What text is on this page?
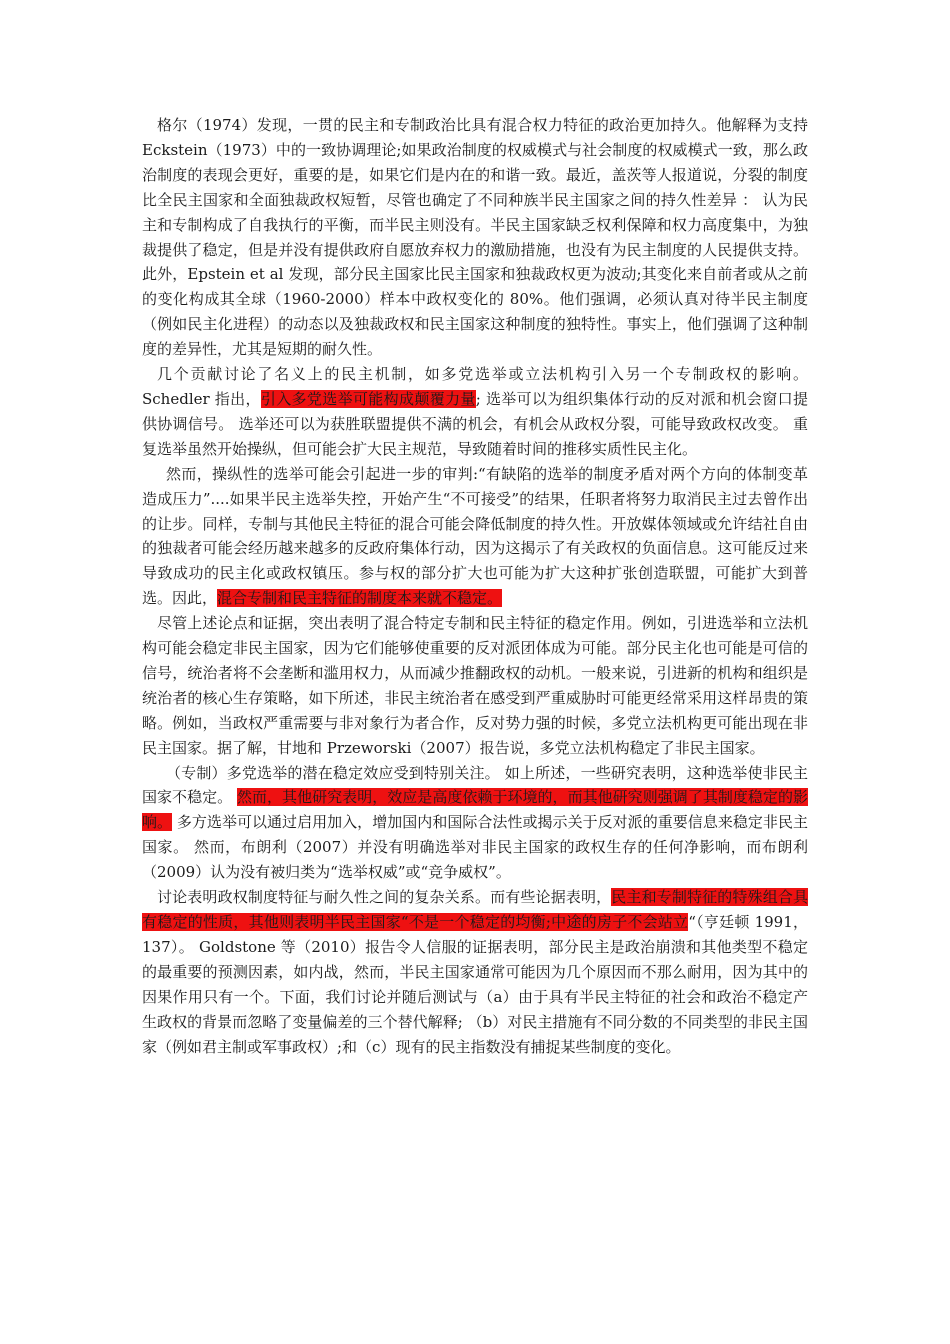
格尔（1974）发现，一贯的民主和专制政治比具有混合权力特征的政治更加持久。他解释为支持 Eckstein（1973）中的一致协调理论;如果政治制度的权威模式与社会制度的权威模式一致，那么政治制度的表现会更好，重要的是，如果它们是内在的和谐一致。最近，盖茨等人报道说，分裂的制度比全民主国家和全面独裁政权短暂，尽管也确定了不同种族半民主国家之间的持久性差异 ： 认为民主和专制构成了自我执行的平衡，而半民主则没有。半民主国家缺乏权利保障和权力高度集中，为独裁提供了稳定，但是并没有提供政府自愿放弃权力的激励措施，也没有为民主制度的人民提供支持。此外，Epstein et al 发现，部分民主国家比民主国家和独裁政权更为波动;其变化来自前者或从之前的变化构成其全球（1960-2000）样本中政权变化的 80%。他们强调，必须认真对待半民主制度（例如民主化进程）的动态以及独裁政权和民主国家这种制度的独特性。事实上，他们强调了这种制度的差异性，尤其是短期的耐久性。

几个贡献讨论了名义上的民主机制，如多党选举或立法机构引入另一个专制政权的影响。Schedler 指出，引入多党选举可能构成颠覆力量; 选举可以为组织集体行动的反对派和机会窗口提供协调信号。 选举还可以为获胜联盟提供不满的机会，有机会从政权分裂，可能导致政权改变。 重复选举虽然开始操纵，但可能会扩大民主规范，导致随着时间的推移实质性民主化。

然而，操纵性的选举可能会引起进一步的审判:“有缺陷的选举的制度矛盾对两个方向的体制变革造成压力”....如果半民主选举失控，开始产生“不可接受”的结果，任职者将努力取消民主过去曾作出的让步。同样，专制与其他民主特征的混合可能会降低制度的持久性。开放媒体领域或允许结社自由的独裁者可能会经历越来越多的反政府集体行动，因为这揭示了有关政权的负面信息。这可能反过来导致成功的民主化或政权镇压。参与权的部分扩大也可能为扩大这种扩张创造联盟，可能扩大到普选。因此，混合专制和民主特征的制度本来就不稳定。

尽管上述论点和证据，突出表明了混合特定专制和民主特征的稳定作用。例如，引进选举和立法机构可能会稳定非民主国家，因为它们能够使重要的反对派团体成为可能。部分民主化也可能是可信的信号，统治者将不会垄断和滥用权力，从而减少推翻政权的动机。一般来说，引进新的机构和组织是统治者的核心生存策略，如下所述，非民主统治者在感受到严重威胁时可能更经常采用这样昂贵的策略。例如，当政权严重需要与非对象行为者合作，反对势力强的时候，多党立法机构更可能出现在非民主国家。据了解，甘地和 Przeworski（2007）报告说，多党立法机构稳定了非民主国家。

（专制）多党选举的潜在稳定效应受到特别关注。 如上所述，一些研究表明，这种选举使非民主国家不稳定。 然而，其他研究表明，效应是高度依赖于环境的，而其他研究则强调了其制度稳定的影响。 多方选举可以通过启用加入，增加国内和国际合法性或揭示关于反对派的重要信息来稳定非民主国家。 然而，布朗利（2007）并没有明确选举对非民主国家的政权生存的任何净影响，而布朗利（2009）认为没有被归类为“选举权威”或“竞争威权”。

讨论表明政权制度特征与耐久性之间的复杂关系。而有些论据表明，民主和专制特征的特殊组合具有稳定的性质，其他则表明半民主国家“不是一个稳定的均衡;中途的房子不会站立“（亨廷顿 1991，137）。 Goldstone 等（2010）报告令人信服的证据表明，部分民主是政治崩溃和其他类型不稳定的最重要的预测因素，如内战，然而，半民主国家通常可能因为几个原因而不那么耐用，因为其中的因果作用只有一个。下面，我们讨论并随后测试与（a）由于具有半民主特征的社会和政治不稳定产生政权的背景而忽略了变量偏差的三个替代解释; （b）对民主措施有不同分数的不同类型的非民主国家（例如君主制或军事政权）;和（c）现有的民主指数没有捕捉某些制度的变化。
